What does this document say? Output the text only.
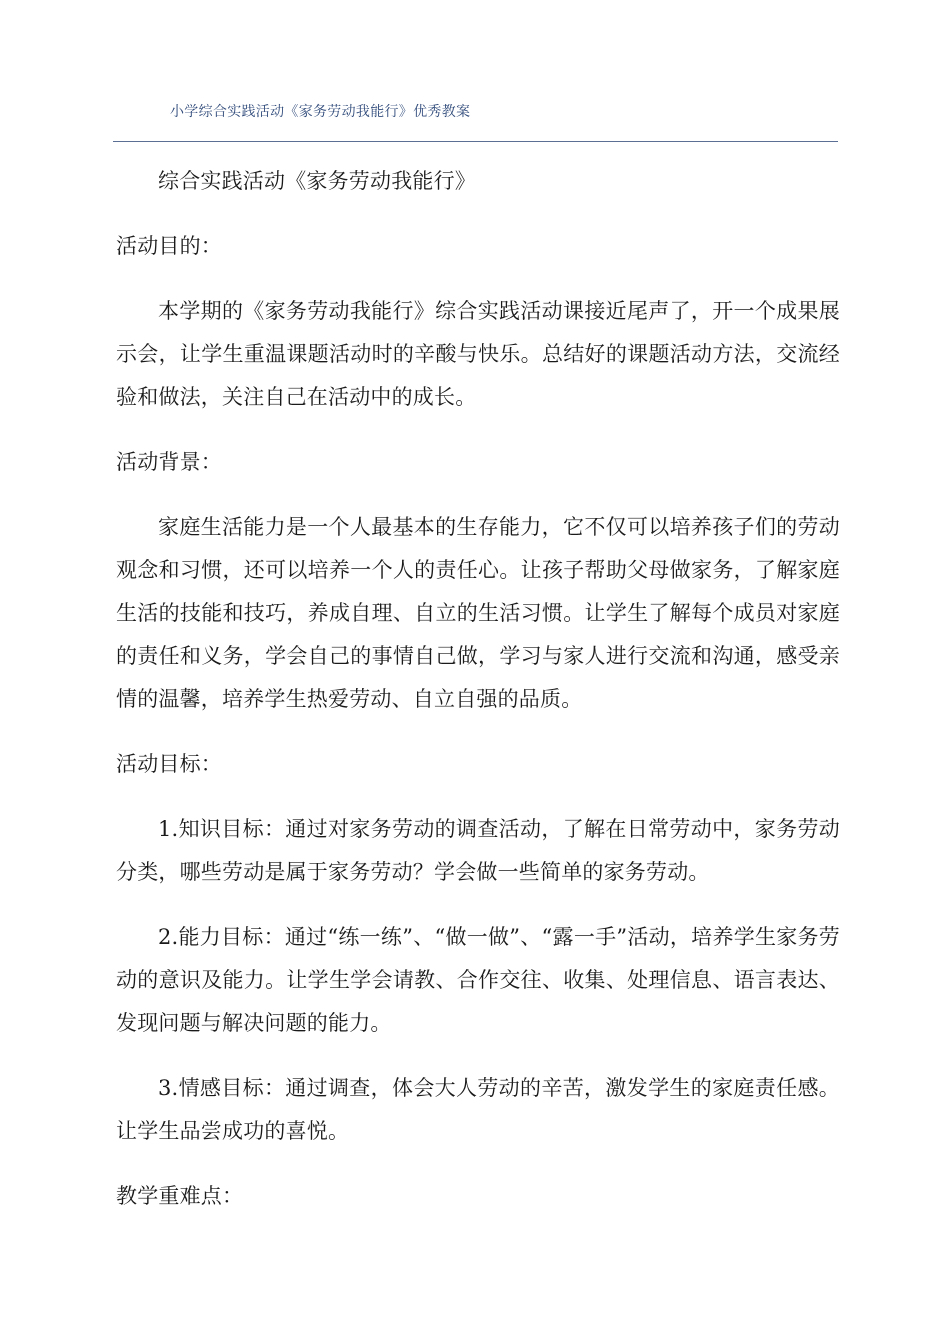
小学综合实践活动《家务劳动我能行》优秀教案

综合实践活动《家务劳动我能行》

活动目的：

本学期的《家务劳动我能行》综合实践活动课接近尾声了，开一个成果展示会，让学生重温课题活动时的辛酸与快乐。总结好的课题活动方法，交流经验和做法，关注自己在活动中的成长。

活动背景：

家庭生活能力是一个人最基本的生存能力，它不仅可以培养孩子们的劳动观念和习惯，还可以培养一个人的责任心。让孩子帮助父母做家务，了解家庭生活的技能和技巧，养成自理、自立的生活习惯。让学生了解每个成员对家庭的责任和义务，学会自己的事情自己做，学习与家人进行交流和沟通，感受亲情的温馨，培养学生热爱劳动、自立自强的品质。

活动目标：

1.知识目标：通过对家务劳动的调查活动，了解在日常劳动中，家务劳动分类，哪些劳动是属于家务劳动？学会做一些简单的家务劳动。

2.能力目标：通过“练一练”、“做一做”、“露一手”活动，培养学生家务劳动的意识及能力。让学生学会请教、合作交往、收集、处理信息、语言表达、发现问题与解决问题的能力。

3.情感目标：通过调查，体会大人劳动的辛苦，激发学生的家庭责任感。让学生品尝成功的喜悦。

教学重难点：
